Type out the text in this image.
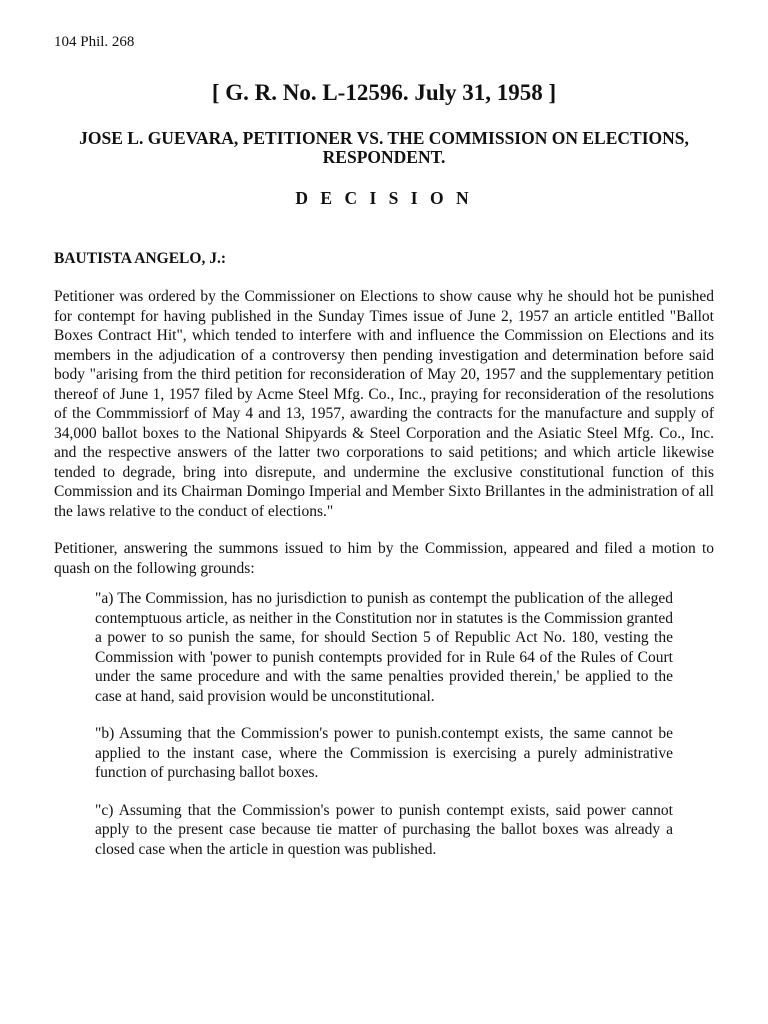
104 Phil. 268

[ G. R. No. L-12596. July 31, 1958 ]
JOSE L. GUEVARA, PETITIONER VS. THE COMMISSION ON ELECTIONS, RESPONDENT.
D E C I S I O N

BAUTISTA ANGELO, J.:

Petitioner was ordered by the Commissioner on Elections to show cause why he should hot be punished for contempt for having published in the Sunday Times issue of June 2, 1957 an article entitled "Ballot Boxes Contract Hit", which tended to interfere with and influence the Commission on Elections and its members in the adjudication of a controversy then pending investigation and determination before said body "arising from the third petition for reconsideration of May 20, 1957 and the supplementary petition thereof of June 1, 1957 filed by Acme Steel Mfg. Co., Inc., praying for reconsideration of the resolutions of the Commmissiorf of May 4 and 13, 1957, awarding the contracts for the manufacture and supply of 34,000 ballot boxes to the National Shipyards & Steel Corporation and the Asiatic Steel Mfg. Co., Inc. and the respective answers of the latter two corporations to said petitions; and which article likewise tended to degrade, bring into disrepute, and undermine the exclusive constitutional function of this Commission and its Chairman Domingo Imperial and Member Sixto Brillantes in the administration of all the laws relative to the conduct of elections."

Petitioner, answering the summons issued to him by the Commission, appeared and filed a motion to quash on the following grounds:

"a) The Commission, has no jurisdiction to punish as contempt the publication of the alleged contemptuous article, as neither in the Constitution nor in statutes is the Commission granted a power to so punish the same, for should Section 5 of Republic Act No. 180, vesting the Commission with 'power to punish contempts provided for in Rule 64 of the Rules of Court under the same procedure and with the same penalties provided therein,' be applied to the case at hand, said provision would be unconstitutional.

"b) Assuming that the Commission's power to punish.contempt exists, the same cannot be applied to the instant case, where the Commission is exercising a purely administrative function of purchasing ballot boxes.

"c) Assuming that the Commission's power to punish contempt exists, said power cannot apply to the present case because tie matter of purchasing the ballot boxes was already a closed case when the article in question was published.
